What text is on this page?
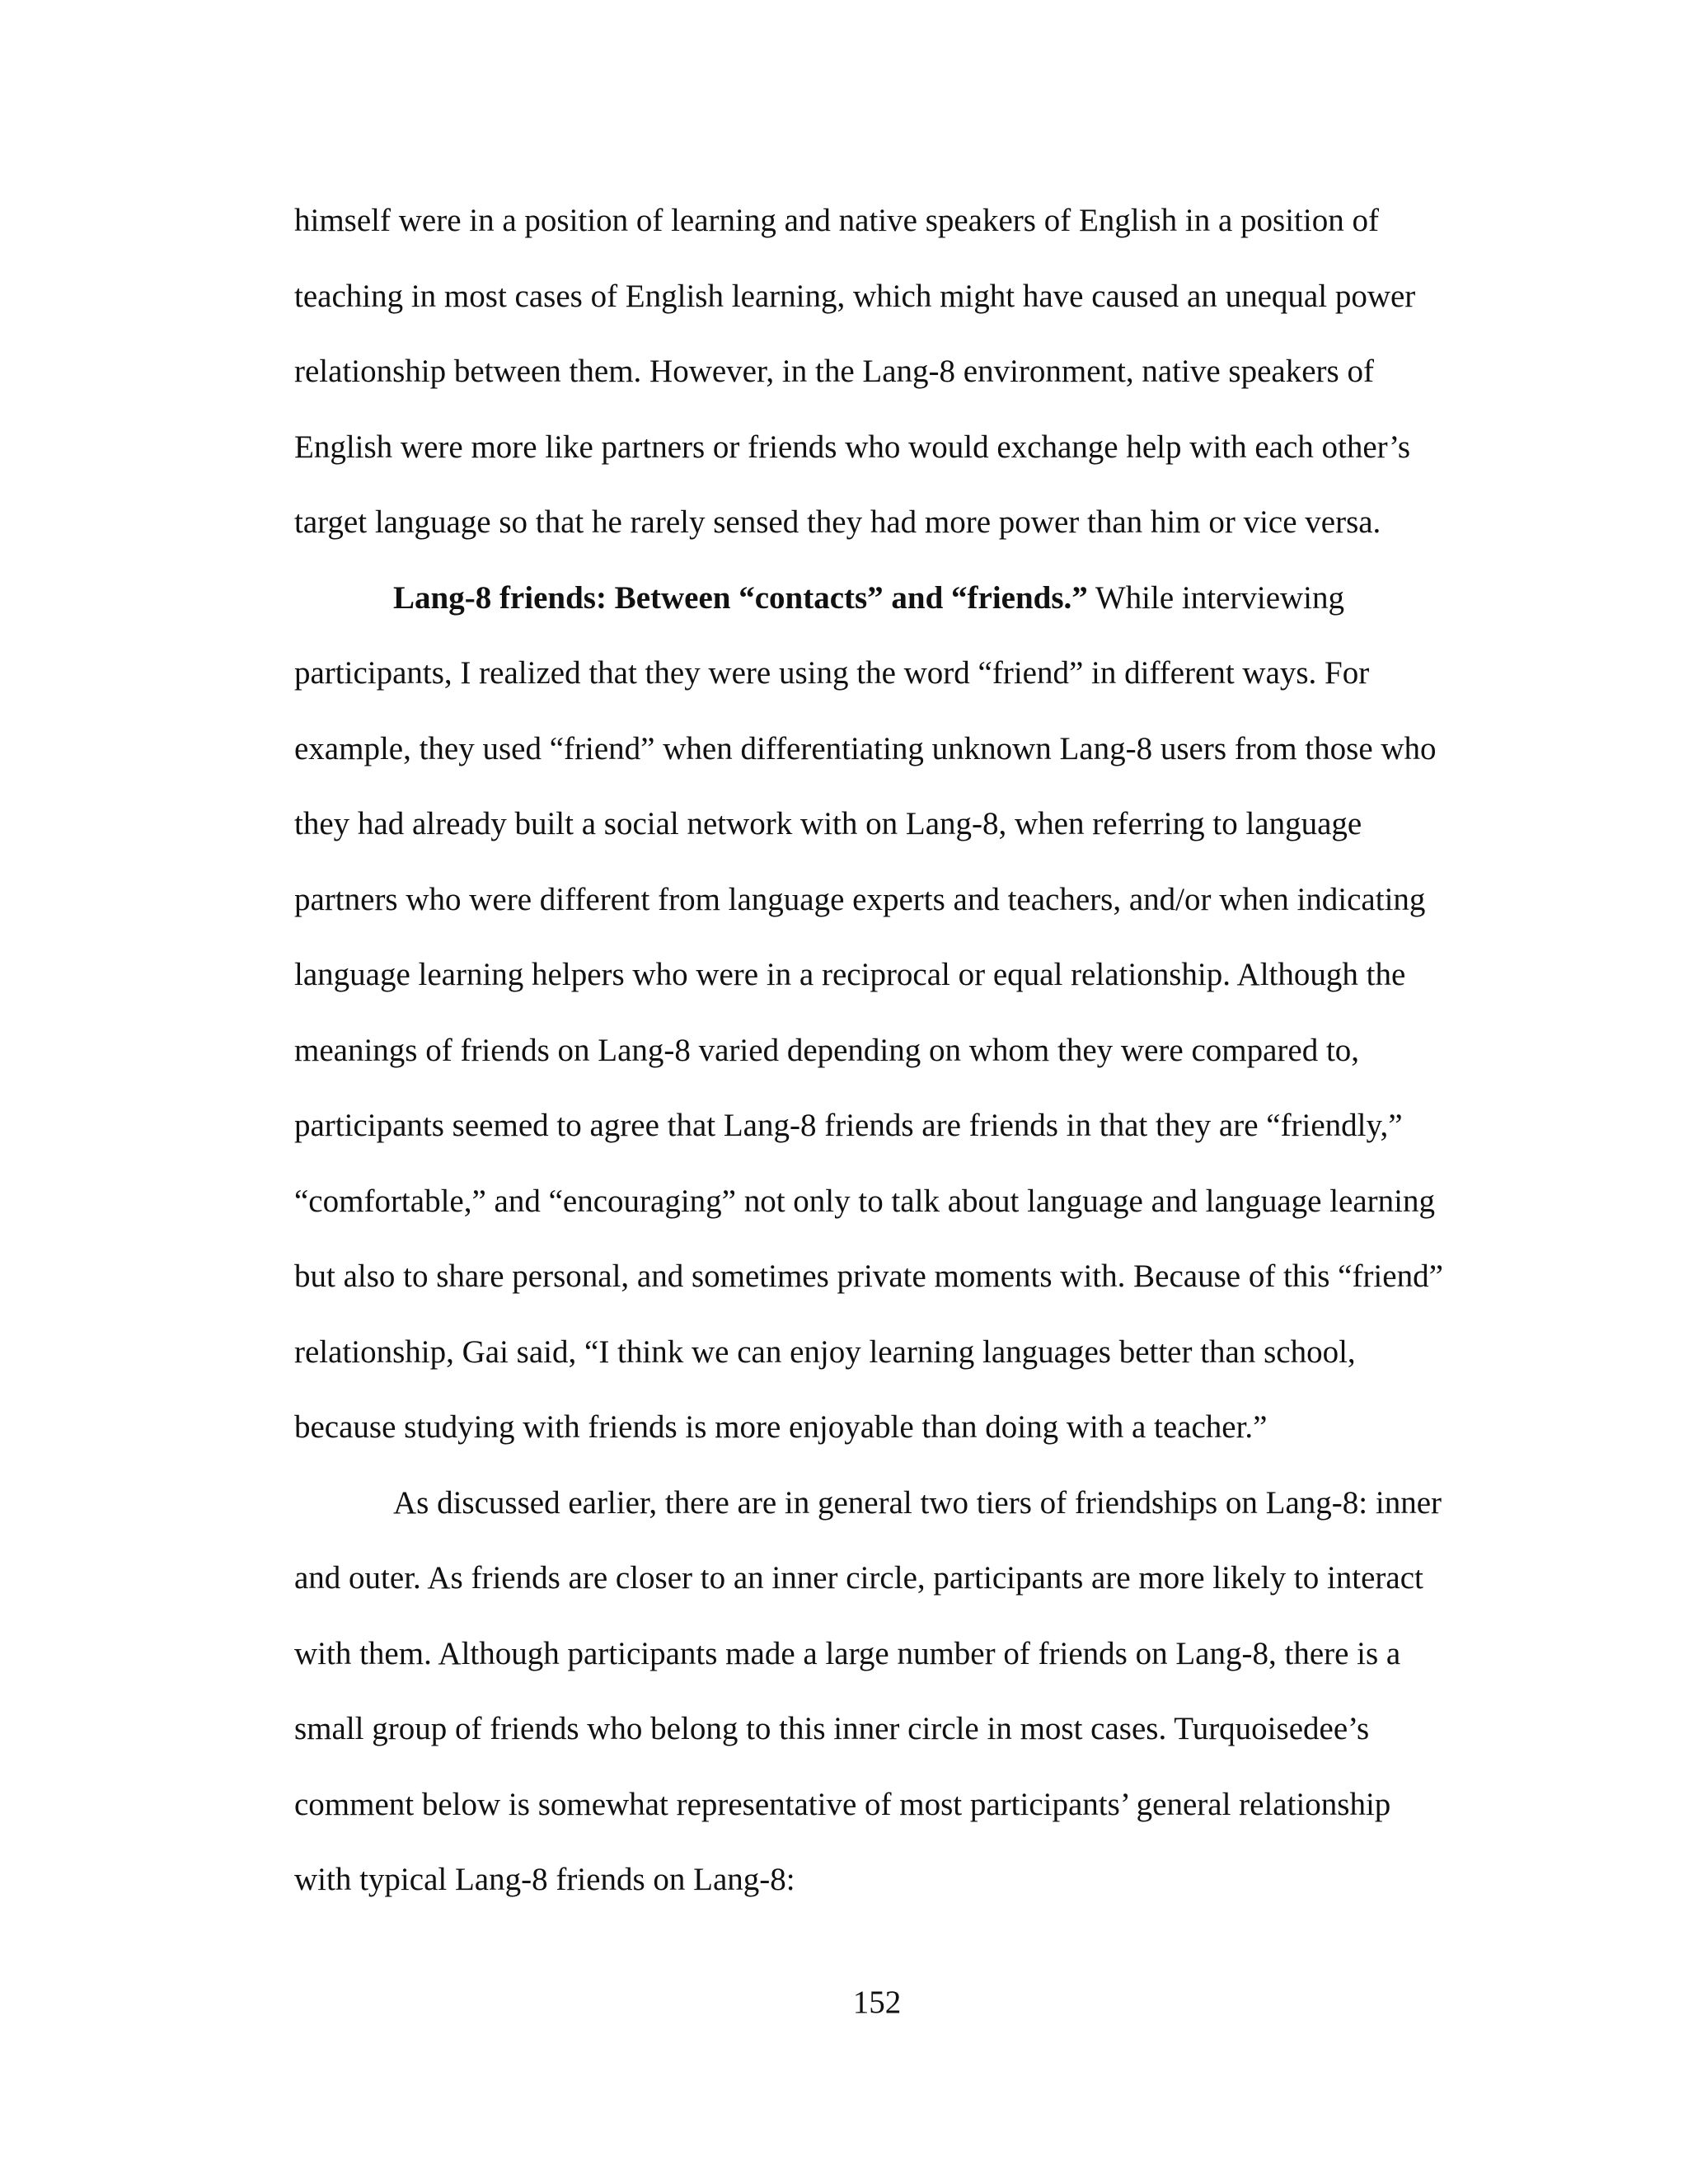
himself were in a position of learning and native speakers of English in a position of
teaching in most cases of English learning, which might have caused an unequal power
relationship between them. However, in the Lang-8 environment, native speakers of
English were more like partners or friends who would exchange help with each other’s
target language so that he rarely sensed they had more power than him or vice versa.

Lang-8 friends: Between “contacts” and “friends.” While interviewing
participants, I realized that they were using the word “friend” in different ways. For
example, they used “friend” when differentiating unknown Lang-8 users from those who
they had already built a social network with on Lang-8, when referring to language
partners who were different from language experts and teachers, and/or when indicating
language learning helpers who were in a reciprocal or equal relationship. Although the
meanings of friends on Lang-8 varied depending on whom they were compared to,
participants seemed to agree that Lang-8 friends are friends in that they are “friendly,”
“comfortable,” and “encouraging” not only to talk about language and language learning
but also to share personal, and sometimes private moments with. Because of this “friend”
relationship, Gai said, “I think we can enjoy learning languages better than school,
because studying with friends is more enjoyable than doing with a teacher.”

As discussed earlier, there are in general two tiers of friendships on Lang-8: inner
and outer. As friends are closer to an inner circle, participants are more likely to interact
with them. Although participants made a large number of friends on Lang-8, there is a
small group of friends who belong to this inner circle in most cases. Turquoisedee’s
comment below is somewhat representative of most participants’ general relationship
with typical Lang-8 friends on Lang-8:

152
